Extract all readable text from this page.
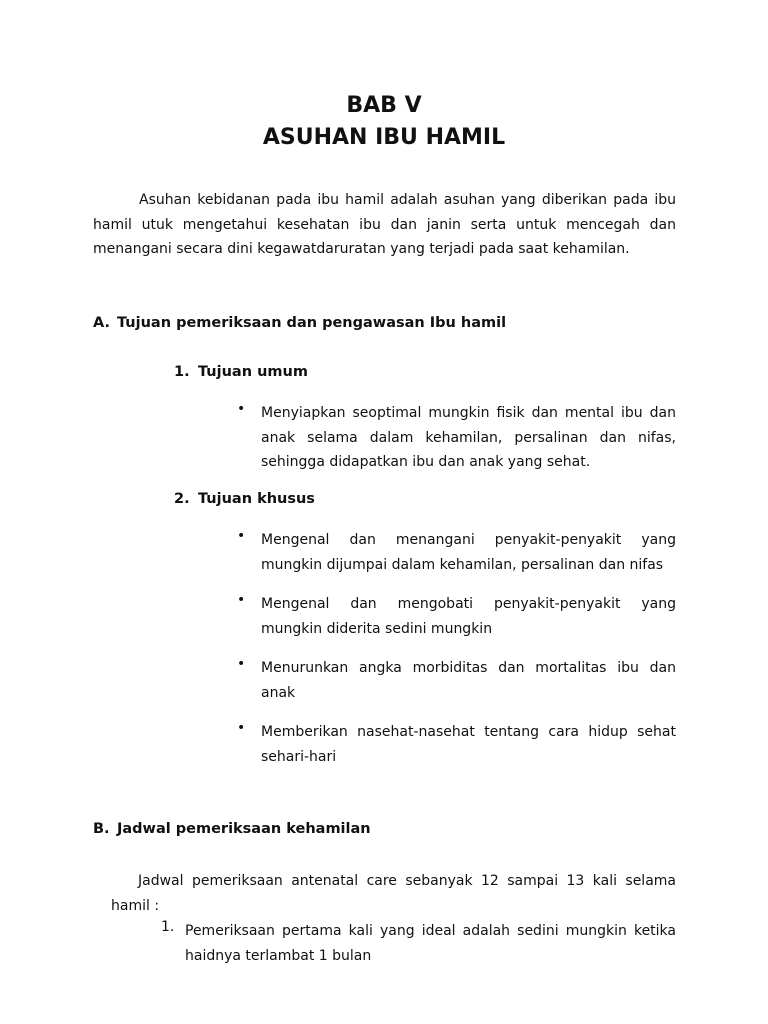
BAB V
ASUHAN IBU HAMIL
Asuhan kebidanan pada ibu hamil adalah asuhan yang diberikan pada ibu
hamil utuk mengetahui kesehatan ibu dan janin serta untuk mencegah dan
menangani secara dini kegawatdaruratan yang terjadi pada saat kehamilan.
A. Tujuan pemeriksaan dan pengawasan Ibu hamil
1. Tujuan umum
•	Menyiapkan seoptimal mungkin fisik dan mental ibu dan
anak selama dalam kehamilan, persalinan dan nifas,
sehingga didapatkan ibu dan anak yang sehat.
2. Tujuan khusus
•	Mengenal dan menangani penyakit-penyakit yang
mungkin dijumpai dalam kehamilan, persalinan dan nifas
•	Mengenal dan mengobati penyakit-penyakit yang
mungkin diderita sedini mungkin
•	Menurunkan angka morbiditas dan mortalitas ibu dan
anak
•	Memberikan nasehat-nasehat tentang cara hidup sehat
sehari-hari
B. Jadwal pemeriksaan kehamilan
Jadwal pemeriksaan antenatal care sebanyak 12 sampai 13 kali selama
hamil :
1. Pemeriksaan pertama kali yang ideal adalah sedini mungkin ketika
haidnya terlambat 1 bulan
